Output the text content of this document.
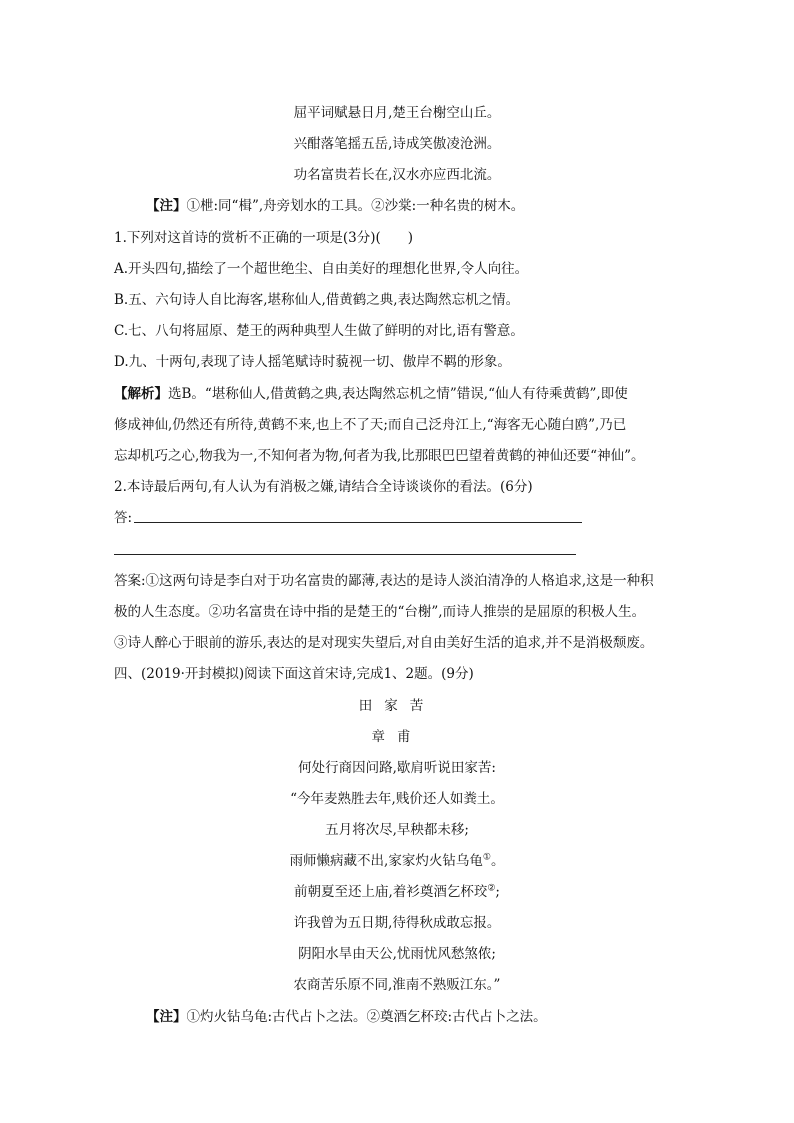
屈平词赋悬日月,楚王台榭空山丘。
兴酣落笔摇五岳,诗成笑傲凌沧洲。
功名富贵若长在,汉水亦应西北流。
【注】①枻:同“楫”,舟旁划水的工具。②沙棠:一种名贵的树木。
1.下列对这首诗的赏析不正确的一项是(3分)(　　)
A.开头四句,描绘了一个超世绝尘、自由美好的理想化世界,令人向往。
B.五、六句诗人自比海客,堪称仙人,借黄鹤之典,表达陶然忘机之情。
C.七、八句将屈原、楚王的两种典型人生做了鲜明的对比,语有警意。
D.九、十两句,表现了诗人摇笔赋诗时藐视一切、傲岸不羁的形象。
【解析】选B。“堪称仙人,借黄鹤之典,表达陶然忘机之情”错误,“仙人有待乘黄鹤”,即使
修成神仙,仍然还有所待,黄鹤不来,也上不了天;而自己泛舟江上,“海客无心随白鸥”,乃已
忘却机巧之心,物我为一,不知何者为物,何者为我,比那眼巴巴望着黄鹤的神仙还要“神仙”。
2.本诗最后两句,有人认为有消极之嫌,请结合全诗谈谈你的看法。(6分)
答:
答案:①这两句诗是李白对于功名富贵的鄙薄,表达的是诗人淡泊清净的人格追求,这是一种积
极的人生态度。②功名富贵在诗中指的是楚王的“台榭”,而诗人推崇的是屈原的积极人生。
③诗人醉心于眼前的游乐,表达的是对现实失望后,对自由美好生活的追求,并不是消极颓废。
四、(2019·开封模拟)阅读下面这首宋诗,完成1、2题。(9分)
田家苦
章甫
何处行商因问路,歇肩听说田家苦:
“今年麦熟胜去年,贱价还人如粪土。
五月将次尽,早秧都未移;
雨师懒病藏不出,家家灼火钻乌龟①。
前朝夏至还上庙,着衫奠酒乞杯珓②;
许我曾为五日期,待得秋成敢忘报。
阴阳水旱由天公,忧雨忧风愁煞侬;
农商苦乐原不同,淮南不熟贩江东。”
【注】①灼火钻乌龟:古代占卜之法。②奠酒乞杯珓:古代占卜之法。
